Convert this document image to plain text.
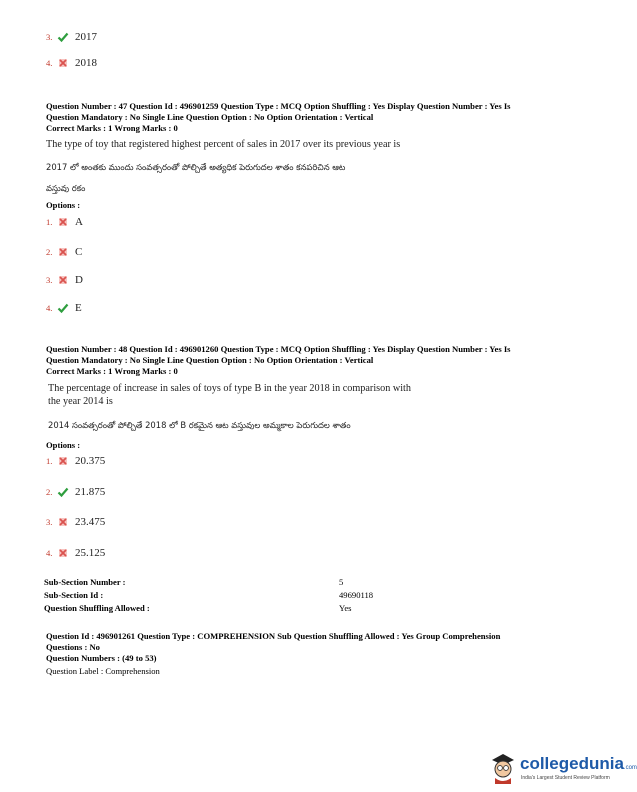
3.	2017
4.	2018
Question Number : 47 Question Id : 496901259 Question Type : MCQ Option Shuffling : Yes Display Question Number : Yes Is
Question Mandatory : No Single Line Question Option : No Option Orientation : Vertical
Correct Marks : 1 Wrong Marks : 0
The type of toy that registered highest percent of sales in 2017 over its previous year is
2017 లో అంతకు ముందు సంవత్సరంతో పోల్చితే అత్యధిక పెరుగుదల శాతం కనపరిచిన ఆట
వస్తువు రకం
Options :
1.	A
2.	C
3.	D
4.	E
Question Number : 48 Question Id : 496901260 Question Type : MCQ Option Shuffling : Yes Display Question Number : Yes Is
Question Mandatory : No Single Line Question Option : No Option Orientation : Vertical
Correct Marks : 1 Wrong Marks : 0
The percentage of increase in sales of toys of type B in the year 2018 in comparison with
the year 2014 is
2014 సంవత్సరంతో పోల్చితే 2018 లో B రకమైన ఆట వస్తువుల అమ్మకాల పెరుగుదల శాతం
Options :
1.	20.375
2.	21.875
3.	23.475
4.	25.125
Sub-Section Number :	5
Sub-Section Id :	49690118
Question Shuffling Allowed :	Yes
Question Id : 496901261 Question Type : COMPREHENSION Sub Question Shuffling Allowed : Yes Group Comprehension
Questions : No
Question Numbers : (49 to 53)
Question Label : Comprehension
collegedunia.com
India's Largest Student Review Platform
